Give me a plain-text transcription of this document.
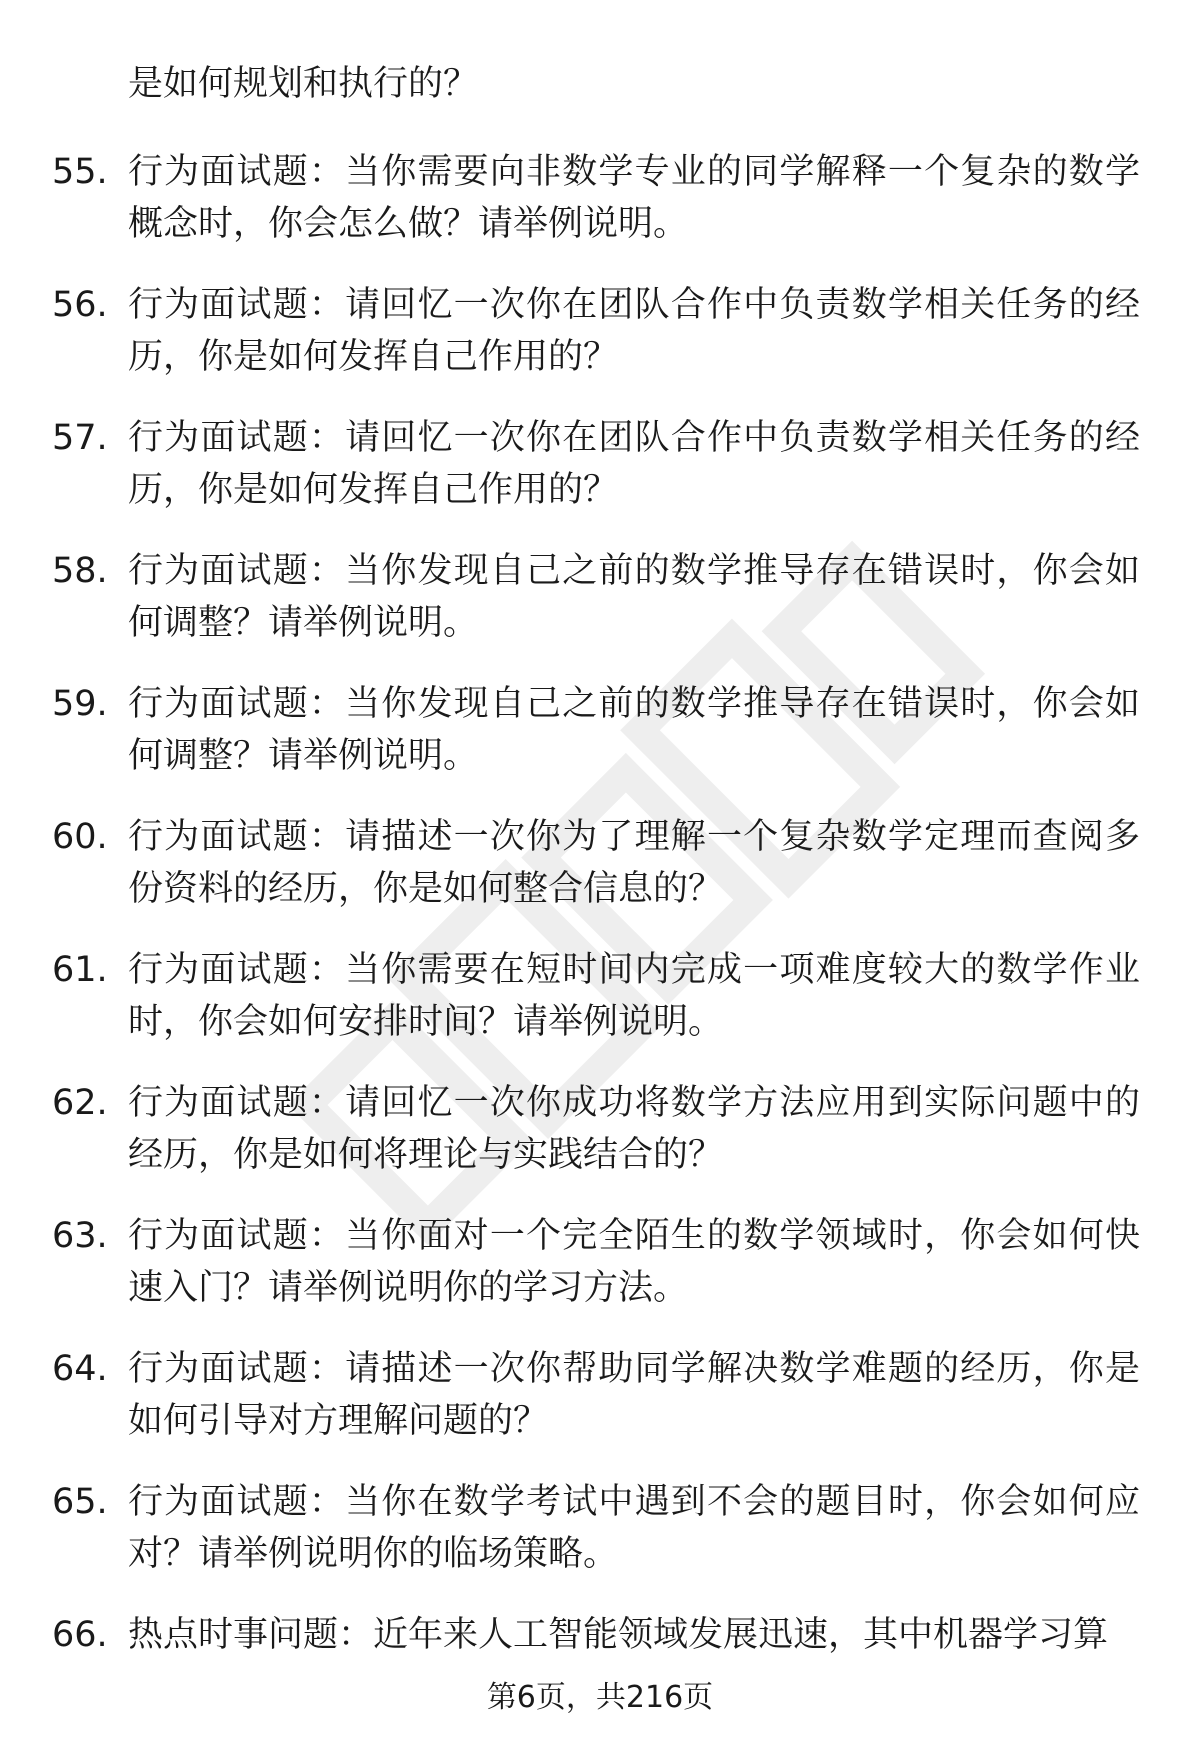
是如何规划和执行的？
55. 行为面试题：当你需要向非数学专业的同学解释一个复杂的数学概念时，你会怎么做？请举例说明。
56. 行为面试题：请回忆一次你在团队合作中负责数学相关任务的经历，你是如何发挥自己作用的？
57. 行为面试题：请回忆一次你在团队合作中负责数学相关任务的经历，你是如何发挥自己作用的？
58. 行为面试题：当你发现自己之前的数学推导存在错误时，你会如何调整？请举例说明。
59. 行为面试题：当你发现自己之前的数学推导存在错误时，你会如何调整？请举例说明。
60. 行为面试题：请描述一次你为了理解一个复杂数学定理而查阅多份资料的经历，你是如何整合信息的？
61. 行为面试题：当你需要在短时间内完成一项难度较大的数学作业时，你会如何安排时间？请举例说明。
62. 行为面试题：请回忆一次你成功将数学方法应用到实际问题中的经历，你是如何将理论与实践结合的？
63. 行为面试题：当你面对一个完全陌生的数学领域时，你会如何快速入门？请举例说明你的学习方法。
64. 行为面试题：请描述一次你帮助同学解决数学难题的经历，你是如何引导对方理解问题的？
65. 行为面试题：当你在数学考试中遇到不会的题目时，你会如何应对？请举例说明你的临场策略。
66. 热点时事问题：近年来人工智能领域发展迅速，其中机器学习算
第6页，共216页
